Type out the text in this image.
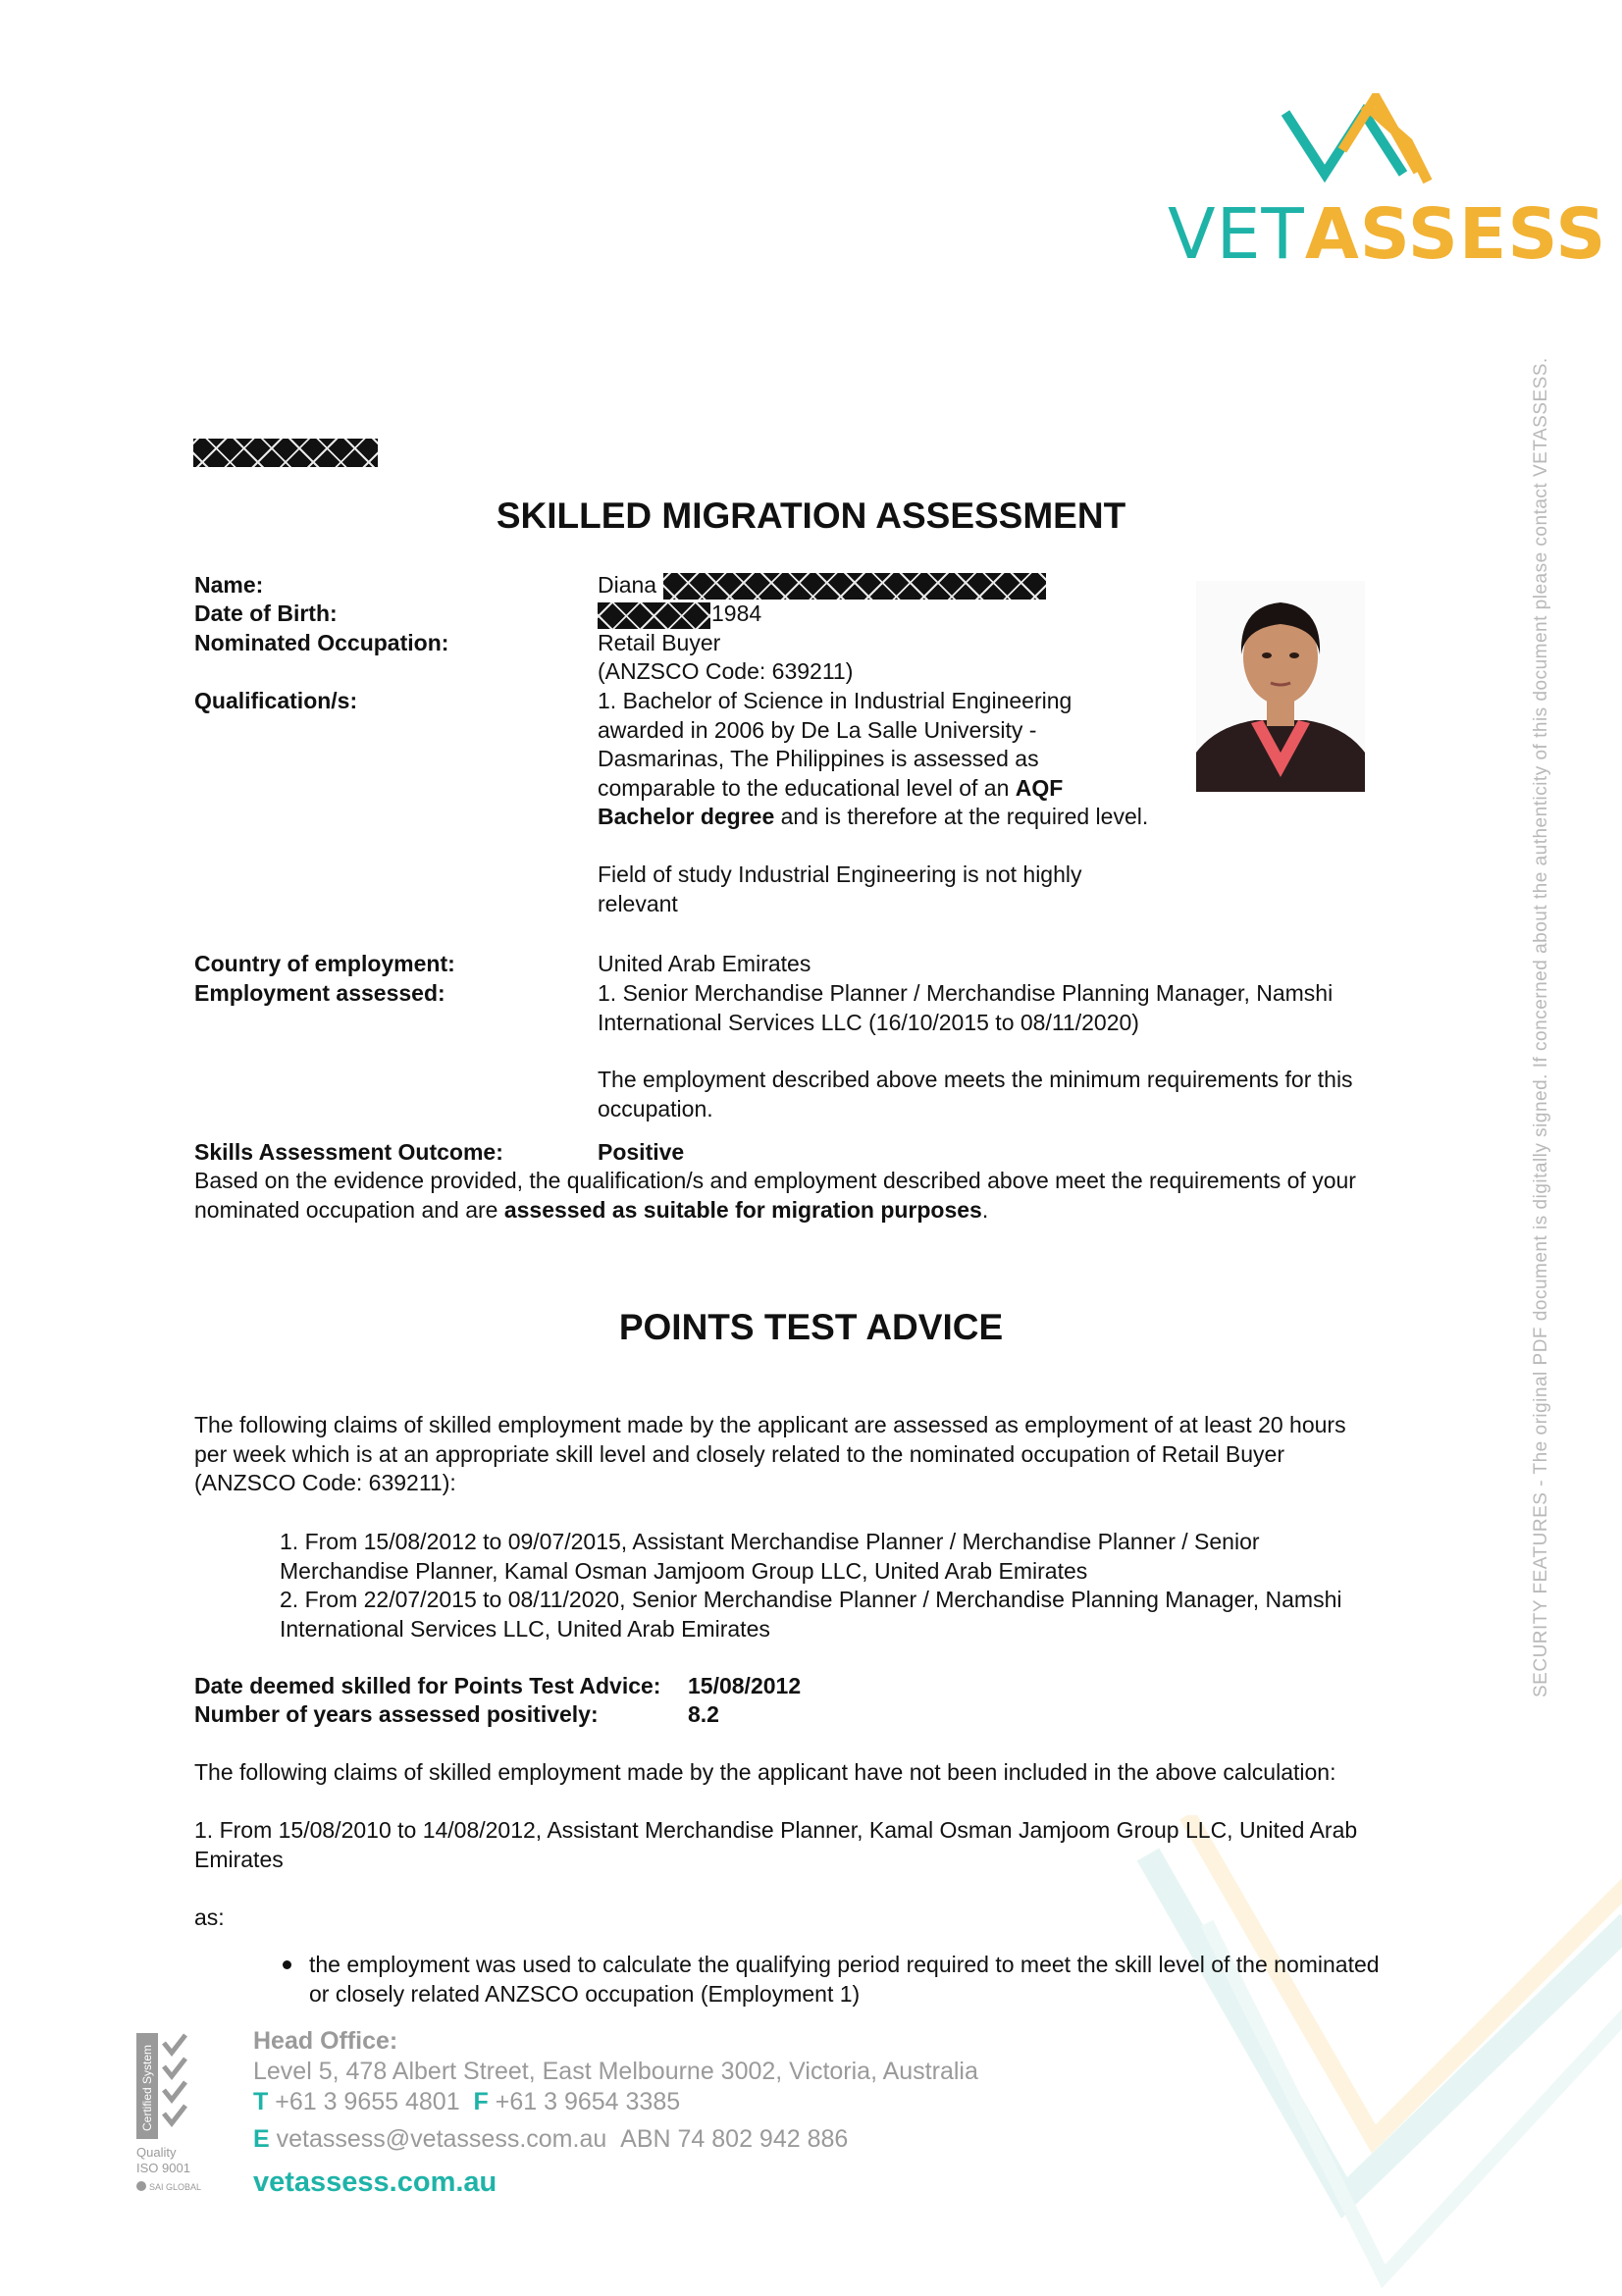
VETASSESS
SECURITY FEATURES - The original PDF document is digitally signed. If concerned about the authenticity of this document please contact VETASSESS.
SKILLED MIGRATION ASSESSMENT
Name:
Date of Birth:
Nominated Occupation:
Qualification/s:
Country of employment:
Employment assessed:
Skills Assessment Outcome:
Diana
1984
Retail Buyer
(ANZSCO Code: 639211)
1. Bachelor of Science in Industrial Engineering
awarded in 2006 by De La Salle University -
Dasmarinas, The Philippines is assessed as
comparable to the educational level of an AQF
Bachelor degree and is therefore at the required level.
Field of study Industrial Engineering is not highly
relevant
United Arab Emirates
1. Senior Merchandise Planner / Merchandise Planning Manager, Namshi
International Services LLC (16/10/2015 to 08/11/2020)
The employment described above meets the minimum requirements for this
occupation.
Positive
Based on the evidence provided, the qualification/s and employment described above meet the requirements of your
nominated occupation and are assessed as suitable for migration purposes.
POINTS TEST ADVICE
The following claims of skilled employment made by the applicant are assessed as employment of at least 20 hours
per week which is at an appropriate skill level and closely related to the nominated occupation of Retail Buyer
(ANZSCO Code: 639211):
1. From 15/08/2012 to 09/07/2015, Assistant Merchandise Planner / Merchandise Planner / Senior
Merchandise Planner, Kamal Osman Jamjoom Group LLC, United Arab Emirates
2. From 22/07/2015 to 08/11/2020, Senior Merchandise Planner / Merchandise Planning Manager, Namshi
International Services LLC, United Arab Emirates
Date deemed skilled for Points Test Advice: 15/08/2012
Number of years assessed positively:	8.2
The following claims of skilled employment made by the applicant have not been included in the above calculation:
1. From 15/08/2010 to 14/08/2012, Assistant Merchandise Planner, Kamal Osman Jamjoom Group LLC, United Arab
Emirates
as:
the employment was used to calculate the qualifying period required to meet the skill level of the nominated
or closely related ANZSCO occupation (Employment 1)
Certified System
Quality
ISO 9001
SAI GLOBAL
Head Office:
Level 5, 478 Albert Street, East Melbourne 3002, Victoria, Australia
T +61 3 9655 4801 F +61 3 9654 3385
E vetassess@vetassess.com.au ABN 74 802 942 886
vetassess.com.au
